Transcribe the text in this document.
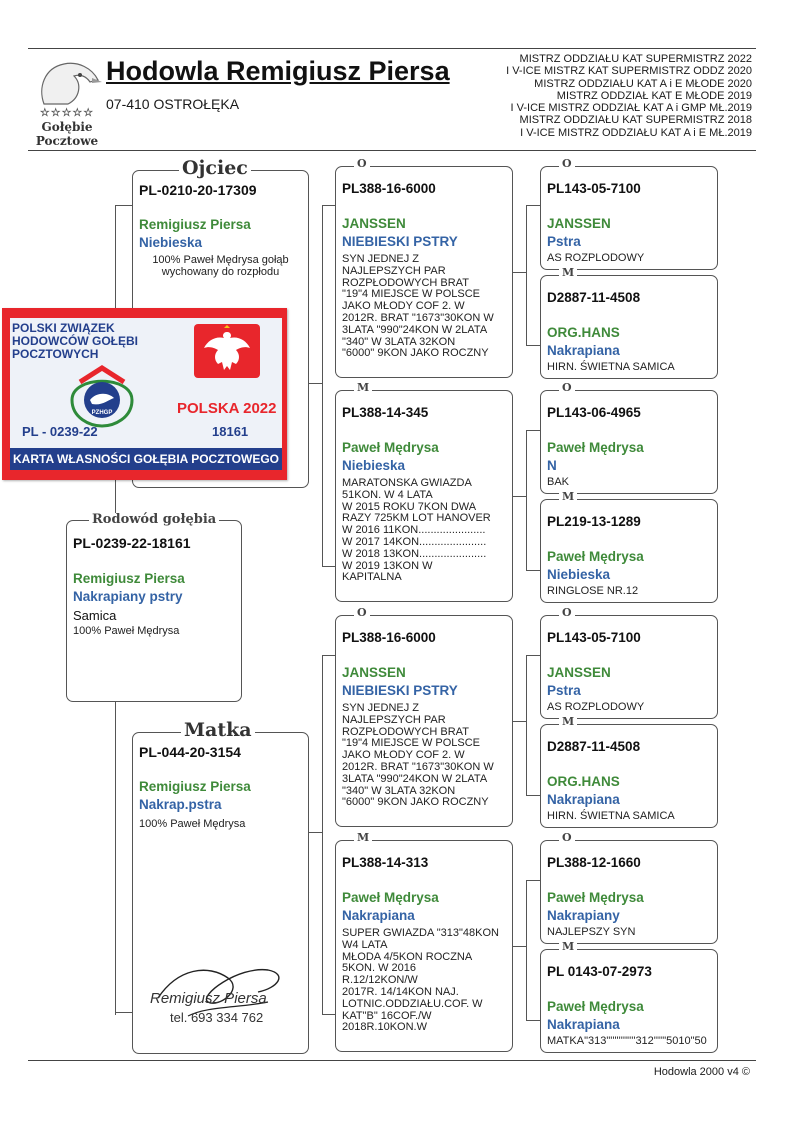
☆☆☆☆☆
Gołębie
Pocztowe
Hodowla Remigiusz Piersa
07-410 OSTROŁĘKA
MISTRZ ODDZIAŁU KAT SUPERMISTRZ 2022
I V-ICE MISTRZ KAT SUPERMISTRZ ODDZ 2020
MISTRZ ODDZIAŁU KAT A i E MŁODE 2020
MISTRZ ODDZIAŁ KAT E MŁODE 2019
I V-ICE MISTRZ ODDZIAŁ KAT A i GMP MŁ.2019
MISTRZ ODDZIAŁU KAT SUPERMISTRZ 2018
I V-ICE MISTRZ ODDZIAŁU KAT A i E MŁ.2019
Ojciec
PL-0210-20-17309
Remigiusz Piersa
Niebieska
100% Paweł Mędrysa gołąb wychowany do rozpłodu
Rodowód gołębia
PL-0239-22-18161
Remigiusz Piersa
Nakrapiany pstry
Samica
100% Paweł Mędrysa
Matka
PL-044-20-3154
Remigiusz Piersa
Nakrap.pstra
100% Paweł Mędrysa
O
PL388-16-6000
JANSSEN
NIEBIESKI PSTRY
SYN JEDNEJ Z
NAJLEPSZYCH PAR
ROZPŁODOWYCH BRAT
"19"4 MIEJSCE W POLSCE
JAKO MŁODY COF 2. W
2012R. BRAT "1673"30KON W
3LATA "990"24KON W 2LATA
"340" W 3LATA 32KON
"6000" 9KON JAKO ROCZNY
M
PL388-14-345
Paweł Mędrysa
Niebieska
MARATONSKA GWIAZDA
51KON. W 4 LATA
W 2015 ROKU 7KON DWA
RAZY 725KM LOT HANOVER
W 2016 11KON......................
W 2017 14KON......................
W 2018 13KON......................
W 2019 13KON W
KAPITALNA
O
PL388-16-6000
JANSSEN
NIEBIESKI PSTRY
SYN JEDNEJ Z
NAJLEPSZYCH PAR
ROZPŁODOWYCH BRAT
"19"4 MIEJSCE W POLSCE
JAKO MŁODY COF 2. W
2012R. BRAT "1673"30KON W
3LATA "990"24KON W 2LATA
"340" W 3LATA 32KON
"6000" 9KON JAKO ROCZNY
M
PL388-14-313
Paweł Mędrysa
Nakrapiana
SUPER GWIAZDA "313"48KON
W4 LATA
MŁODA 4/5KON ROCZNA
5KON. W 2016
R.12/12KON/W
2017R. 14/14KON NAJ.
LOTNIC.ODDZIAŁU.COF. W
KAT"B" 16COF./W
2018R.10KON.W
O
PL143-05-7100
JANSSEN
Pstra
AS ROZPLODOWY
M
D2887-11-4508
ORG.HANS
Nakrapiana
HIRN. ŚWIETNA SAMICA
O
PL143-06-4965
Paweł Mędrysa
N
BAK
M
PL219-13-1289
Paweł Mędrysa
Niebieska
RINGLOSE NR.12
O
PL143-05-7100
JANSSEN
Pstra
AS ROZPLODOWY
M
D2887-11-4508
ORG.HANS
Nakrapiana
HIRN. ŚWIETNA SAMICA
O
PL388-12-1660
Paweł Mędrysa
Nakrapiany
NAJLEPSZY SYN
M
PL 0143-07-2973
Paweł Mędrysa
Nakrapiana
MATKA"313"''''''''''''312''''"5010"50
POLSKI ZWIĄZEK HODOWCÓW GOŁĘBI POCZTOWYCH
PZHGP	POLSKA 2022
PL - 0239-22	18161
KARTA WŁASNOŚCI GOŁĘBIA POCZTOWEGO
Remigiusz Piersa
tel. 693 334 762
Hodowla 2000 v4 ©
